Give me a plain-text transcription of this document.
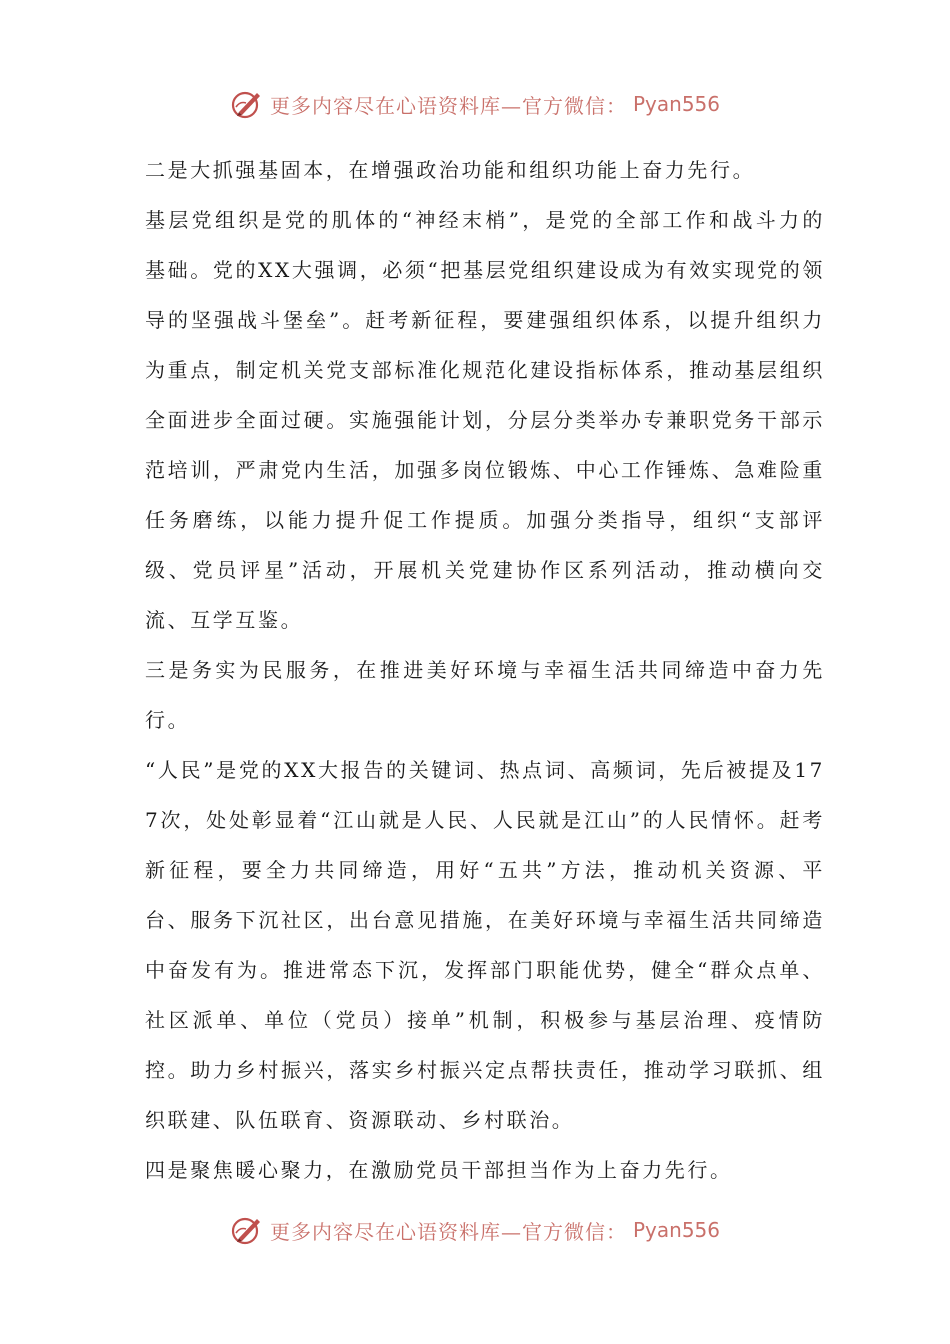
更多内容尽在心语资料库—官方微信： Pyan556

二是大抓强基固本，在增强政治功能和组织功能上奋力先行。

基层党组织是党的肌体的“神经末梢”，是党的全部工作和战斗力的基础。党的XX大强调，必须“把基层党组织建设成为有效实现党的领导的坚强战斗堡垒”。赶考新征程，要建强组织体系，以提升组织力为重点，制定机关党支部标准化规范化建设指标体系，推动基层组织全面进步全面过硬。实施强能计划，分层分类举办专兼职党务干部示范培训，严肃党内生活，加强多岗位锻炼、中心工作锤炼、急难险重任务磨练，以能力提升促工作提质。加强分类指导，组织“支部评级、党员评星”活动，开展机关党建协作区系列活动，推动横向交流、互学互鉴。

三是务实为民服务，在推进美好环境与幸福生活共同缔造中奋力先行。

“人民”是党的XX大报告的关键词、热点词、高频词，先后被提及177次，处处彰显着“江山就是人民、人民就是江山”的人民情怀。赶考新征程，要全力共同缔造，用好“五共”方法，推动机关资源、平台、服务下沉社区，出台意见措施，在美好环境与幸福生活共同缔造中奋发有为。推进常态下沉，发挥部门职能优势，健全“群众点单、社区派单、单位（党员）接单”机制，积极参与基层治理、疫情防控。助力乡村振兴，落实乡村振兴定点帮扶责任，推动学习联抓、组织联建、队伍联育、资源联动、乡村联治。

四是聚焦暖心聚力，在激励党员干部担当作为上奋力先行。

更多内容尽在心语资料库—官方微信： Pyan556
